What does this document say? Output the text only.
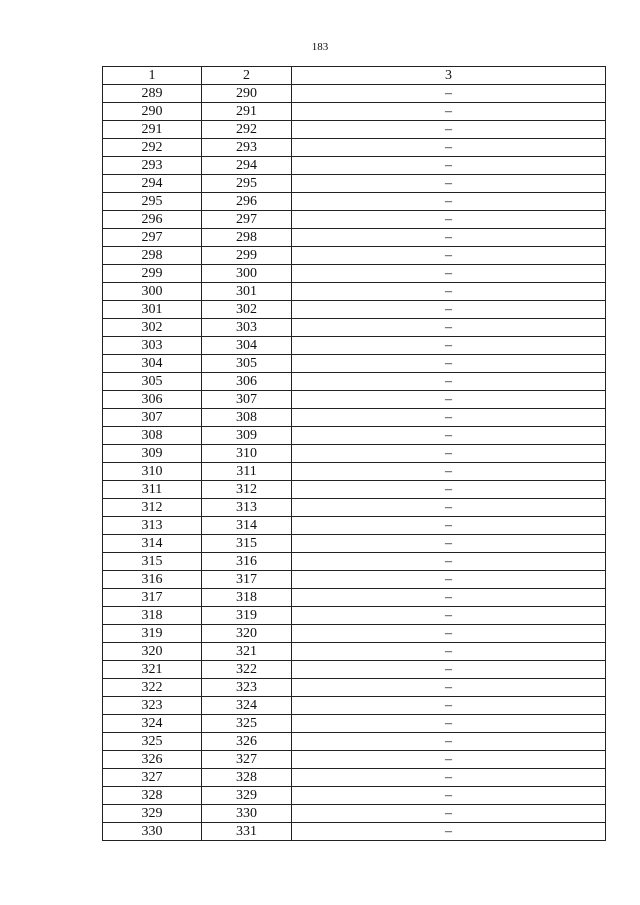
183
1	2	3
289	290	–
290	291	–
291	292	–
292	293	–
293	294	–
294	295	–
295	296	–
296	297	–
297	298	–
298	299	–
299	300	–
300	301	–
301	302	–
302	303	–
303	304	–
304	305	–
305	306	–
306	307	–
307	308	–
308	309	–
309	310	–
310	311	–
311	312	–
312	313	–
313	314	–
314	315	–
315	316	–
316	317	–
317	318	–
318	319	–
319	320	–
320	321	–
321	322	–
322	323	–
323	324	–
324	325	–
325	326	–
326	327	–
327	328	–
328	329	–
329	330	–
330	331	–
